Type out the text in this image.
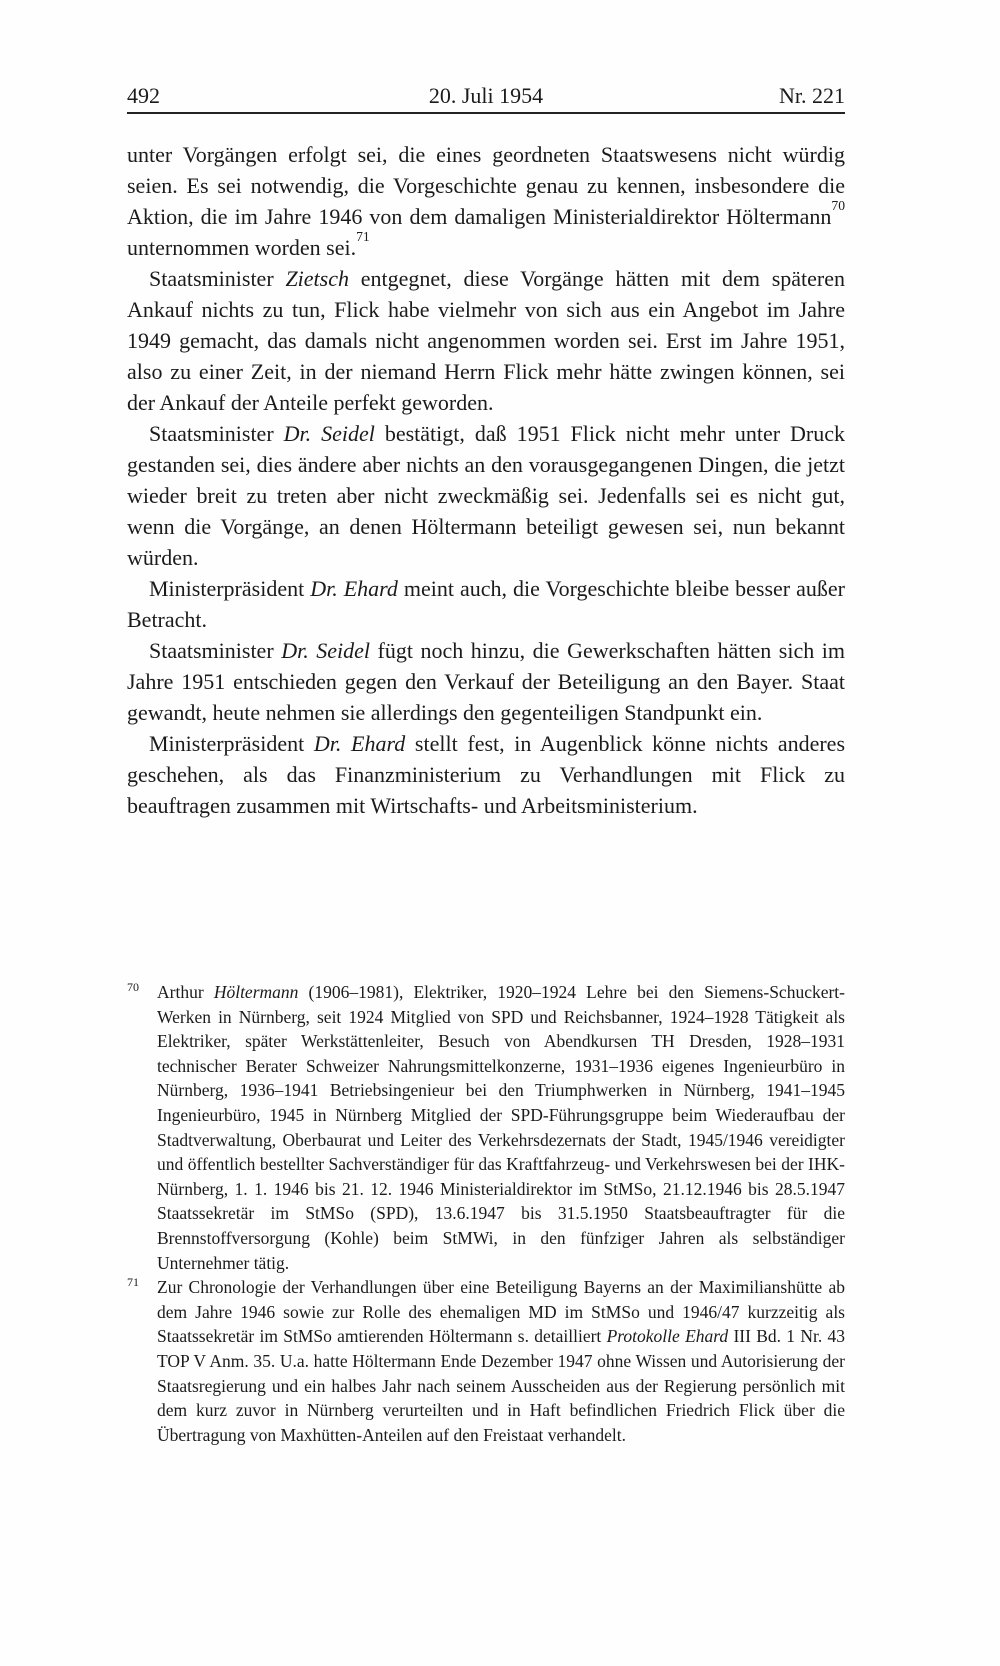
492	20. Juli 1954	Nr. 221

unter Vorgängen erfolgt sei, die eines geordneten Staatswesens nicht würdig seien. Es sei notwendig, die Vorgeschichte genau zu kennen, insbesondere die Aktion, die im Jahre 1946 von dem damaligen Ministerialdirektor Höltermann$^{70}$ unternommen worden sei.$^{71}$

Staatsminister Zietsch entgegnet, diese Vorgänge hätten mit dem späteren Ankauf nichts zu tun, Flick habe vielmehr von sich aus ein Angebot im Jahre 1949 gemacht, das damals nicht angenommen worden sei. Erst im Jahre 1951, also zu einer Zeit, in der niemand Herrn Flick mehr hätte zwingen können, sei der Ankauf der Anteile perfekt geworden.

Staatsminister Dr. Seidel bestätigt, daß 1951 Flick nicht mehr unter Druck gestanden sei, dies ändere aber nichts an den vorausgegangenen Dingen, die jetzt wieder breit zu treten aber nicht zweckmäßig sei. Jedenfalls sei es nicht gut, wenn die Vorgänge, an denen Höltermann beteiligt gewesen sei, nun bekannt würden.

Ministerpräsident Dr. Ehard meint auch, die Vorgeschichte bleibe besser außer Betracht.

Staatsminister Dr. Seidel fügt noch hinzu, die Gewerkschaften hätten sich im Jahre 1951 entschieden gegen den Verkauf der Beteiligung an den Bayer. Staat gewandt, heute nehmen sie allerdings den gegenteiligen Standpunkt ein.

Ministerpräsident Dr. Ehard stellt fest, in Augenblick könne nichts anderes geschehen, als das Finanzministerium zu Verhandlungen mit Flick zu beauftragen zusammen mit Wirtschafts- und Arbeitsministerium.

70 Arthur Höltermann (1906–1981), Elektriker, 1920–1924 Lehre bei den Siemens-Schuckert-Werken in Nürnberg, seit 1924 Mitglied von SPD und Reichsbanner, 1924–1928 Tätigkeit als Elektriker, später Werkstättenleiter, Besuch von Abendkursen TH Dresden, 1928–1931 technischer Berater Schweizer Nahrungsmittelkonzerne, 1931–1936 eigenes Ingenieurbüro in Nürnberg, 1936–1941 Betriebsingenieur bei den Triumphwerken in Nürnberg, 1941–1945 Ingenieurbüro, 1945 in Nürnberg Mitglied der SPD-Führungsgruppe beim Wiederaufbau der Stadtverwaltung, Oberbaurat und Leiter des Verkehrsdezernats der Stadt, 1945/1946 vereidigter und öffentlich bestellter Sachverständiger für das Kraftfahrzeug- und Verkehrswesen bei der IHK-Nürnberg, 1. 1. 1946 bis 21. 12. 1946 Ministerialdirektor im StMSo, 21.12.1946 bis 28.5.1947 Staatssekretär im StMSo (SPD), 13.6.1947 bis 31.5.1950 Staatsbeauftragter für die Brennstoffversorgung (Kohle) beim StMWi, in den fünfziger Jahren als selbständiger Unternehmer tätig.
71 Zur Chronologie der Verhandlungen über eine Beteiligung Bayerns an der Maximilianshütte ab dem Jahre 1946 sowie zur Rolle des ehemaligen MD im StMSo und 1946/47 kurzzeitig als Staatssekretär im StMSo amtierenden Höltermann s. detailliert Protokolle Ehard III Bd. 1 Nr. 43 TOP V Anm. 35. U.a. hatte Höltermann Ende Dezember 1947 ohne Wissen und Autorisierung der Staatsregierung und ein halbes Jahr nach seinem Ausscheiden aus der Regierung persönlich mit dem kurz zuvor in Nürnberg verurteilten und in Haft befindlichen Friedrich Flick über die Übertragung von Maxhütten-Anteilen auf den Freistaat verhandelt.
